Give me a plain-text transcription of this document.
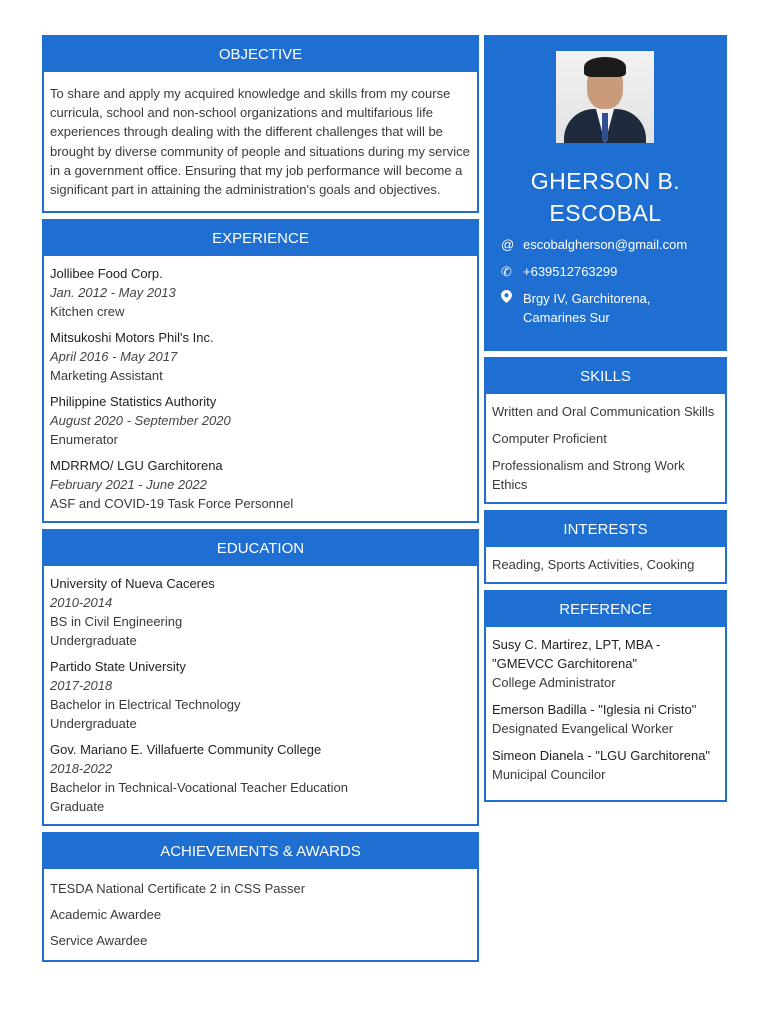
OBJECTIVE
To share and apply my acquired knowledge and skills from my course curricula, school and non-school organizations and multifarious life experiences through dealing with the different challenges that will be brought by diverse community of people and situations during my service in a government office. Ensuring that my job performance will become a significant part in attaining the administration's goals and objectives.
EXPERIENCE
Jollibee Food Corp.
Jan. 2012 - May 2013
Kitchen crew
Mitsukoshi Motors Phil's Inc.
April 2016 - May 2017
Marketing Assistant
Philippine Statistics Authority
August 2020 - September 2020
Enumerator
MDRRMO/ LGU Garchitorena
February 2021 - June 2022
ASF and COVID-19 Task Force Personnel
EDUCATION
University of Nueva Caceres
2010-2014
BS in Civil Engineering
Undergraduate
Partido State University
2017-2018
Bachelor in Electrical Technology
Undergraduate
Gov. Mariano E. Villafuerte Community College
2018-2022
Bachelor in Technical-Vocational Teacher Education
Graduate
ACHIEVEMENTS & AWARDS
TESDA National Certificate 2 in CSS Passer
Academic Awardee
Service Awardee
GHERSON B.
ESCOBAL
@ escobalgherson@gmail.com
✆ +639512763299
Brgy IV, Garchitorena,
Camarines Sur
SKILLS
Written and Oral Communication Skills
Computer Proficient
Professionalism and Strong Work Ethics
INTERESTS
Reading, Sports Activities, Cooking
REFERENCE
Susy C. Martirez, LPT, MBA - "GMEVCC Garchitorena"
College Administrator
Emerson Badilla - "Iglesia ni Cristo"
Designated Evangelical Worker
Simeon Dianela - "LGU Garchitorena"
Municipal Councilor
